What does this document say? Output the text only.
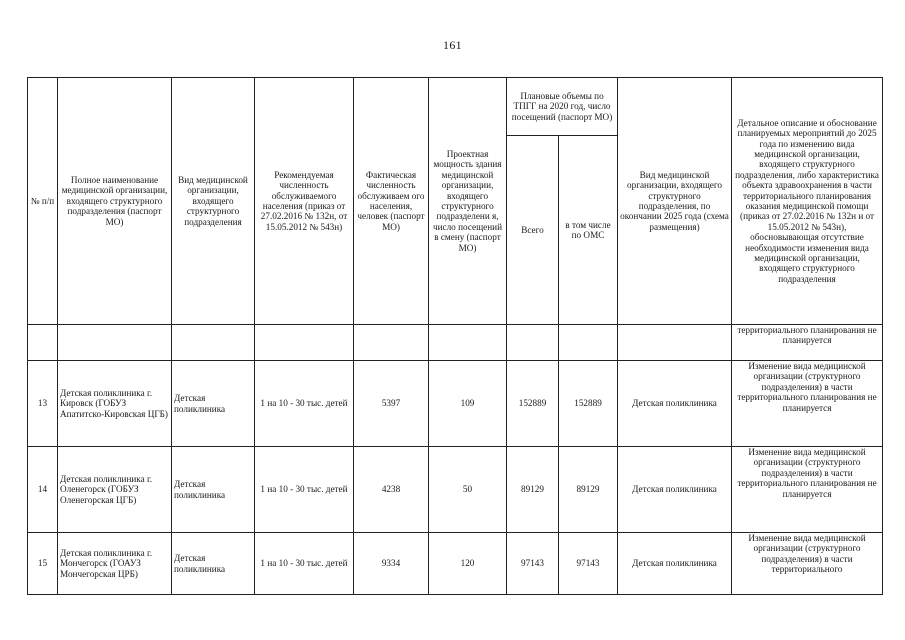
161
№ п/п	Полное наименование медицинской организации, входящего структурного подразделения (паспорт МО)	Вид медицинской организации, входящего структурного подразделения	Рекомендуемая численность обслуживаемого населения (приказ от 27.02.2016 № 132н, от 15.05.2012 № 543н)	Фактическая численность обслуживаем ого населения, человек (паспорт МО)	Проектная мощность здания медицинской организации, входящего структурного подразделени я, число посещений в смену (паспорт МО)	Плановые объемы по ТПГГ на 2020 год, число посещений (паспорт МО)		Вид медицинской организации, входящего структурного подразделения, по окончании 2025 года (схема размещения)	Детальное описание и обоснование планируемых мероприятий до 2025 года по изменению вида медицинской организации, входящего структурного подразделения, либо характеристика объекта здравоохранения в части территориального планирования оказания медицинской помощи (приказ от 27.02.2016 № 132н и от 15.05.2012 № 543н), обосновывающая отсутствие необходимости изменения вида медицинской организации, входящего структурного подразделения
						Всего	в том числе по ОМС		
									территориального планирования не планируется
13	Детская поликлиника г. Кировск (ГОБУЗ Апатитско-Кировская ЦГБ)	Детская поликлиника	1 на 10 - 30 тыс. детей	5397	109	152889	152889	Детская поликлиника	Изменение вида медицинской организации (структурного подразделения) в части территориального планирования не планируется
14	Детская поликлиника г. Оленегорск (ГОБУЗ Оленегорская ЦГБ)	Детская поликлиника	1 на 10 - 30 тыс. детей	4238	50	89129	89129	Детская поликлиника	Изменение вида медицинской организации (структурного подразделения) в части территориального планирования не планируется
15	Детская поликлиника г. Мончегорск (ГОАУЗ Мончегорская ЦРБ)	Детская поликлиника	1 на 10 - 30 тыс. детей	9334	120	97143	97143	Детская поликлиника	Изменение вида медицинской организации (структурного подразделения) в части территориального
